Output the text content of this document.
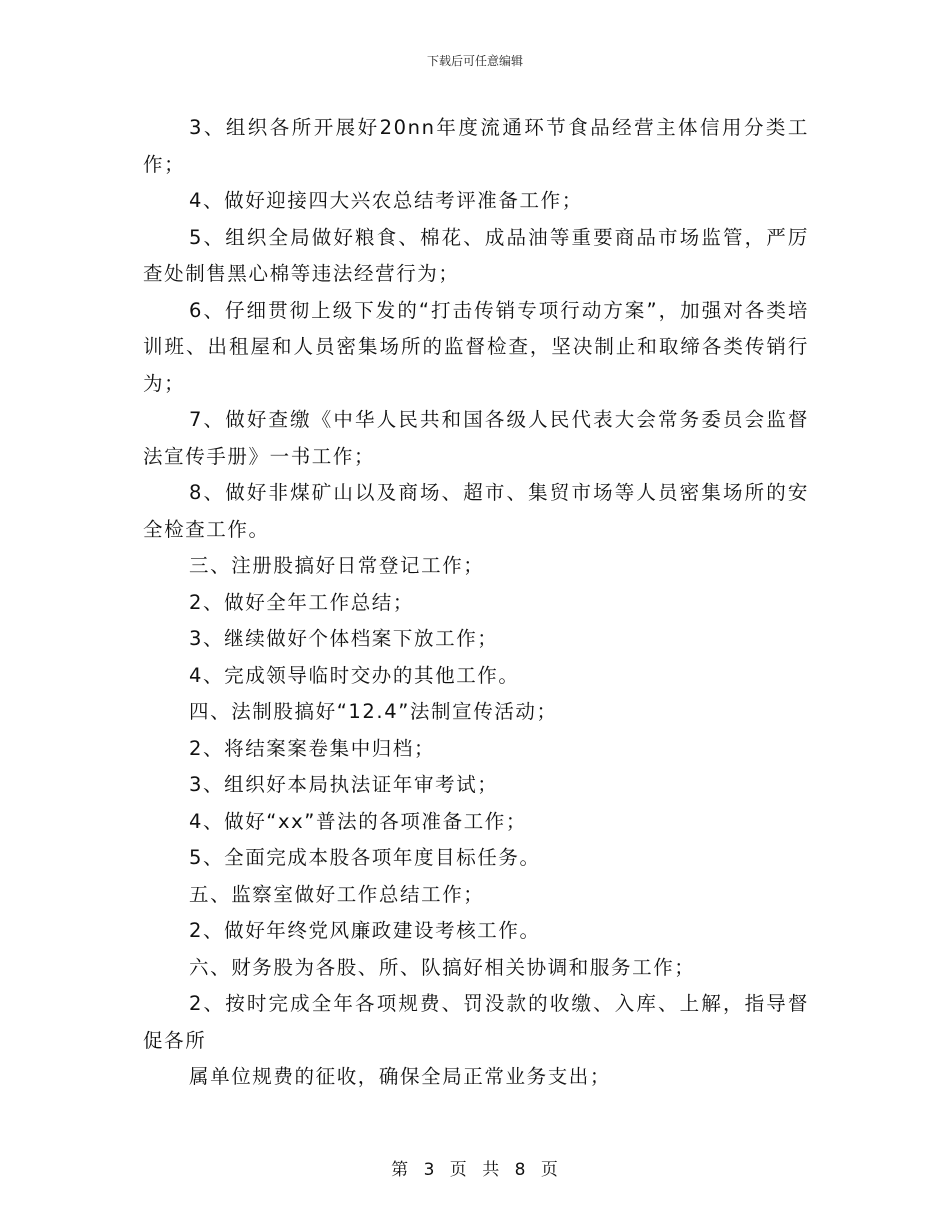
下载后可任意编辑

3、组织各所开展好20nn年度流通环节食品经营主体信用分类工作；

4、做好迎接四大兴农总结考评准备工作；

5、组织全局做好粮食、棉花、成品油等重要商品市场监管，严厉查处制售黑心棉等违法经营行为；

6、仔细贯彻上级下发的“打击传销专项行动方案”，加强对各类培训班、出租屋和人员密集场所的监督检查，坚决制止和取缔各类传销行为；

7、做好查缴《中华人民共和国各级人民代表大会常务委员会监督法宣传手册》一书工作；

8、做好非煤矿山以及商场、超市、集贸市场等人员密集场所的安全检查工作。

三、注册股搞好日常登记工作；

2、做好全年工作总结；

3、继续做好个体档案下放工作；

4、完成领导临时交办的其他工作。

四、法制股搞好“12.4”法制宣传活动；

2、将结案案卷集中归档；

3、组织好本局执法证年审考试；

4、做好“xx”普法的各项准备工作；

5、全面完成本股各项年度目标任务。

五、监察室做好工作总结工作；

2、做好年终党风廉政建设考核工作。

六、财务股为各股、所、队搞好相关协调和服务工作；

2、按时完成全年各项规费、罚没款的收缴、入库、上解，指导督促各所

属单位规费的征收，确保全局正常业务支出；

第 3 页 共 8 页
